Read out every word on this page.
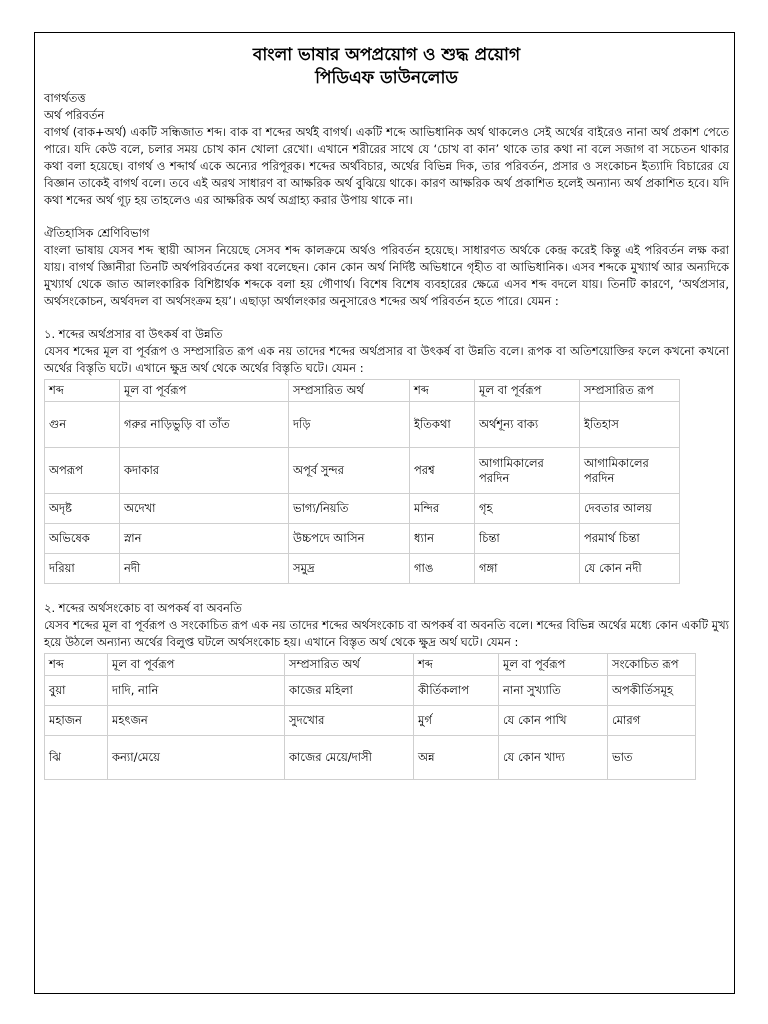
বাংলা ভাষার অপপ্রয়োগ ও শুদ্ধ প্রয়োগ

পিডিএফ ডাউনলোড

বাগর্থতত্ত

অর্থ পরিবর্তন

বাগর্থ (বাক+অর্থ) একটি সন্ধিজাত শব্দ। বাক বা শব্দের অর্থই বাগর্থ। একটি শব্দে আভিধানিক অর্থ থাকলেও সেই অর্থের বাইরেও নানা অর্থ প্রকাশ পেতে পারে। যদি কেউ বলে, চলার সময় চোখ কান খোলা রেখো। এখানে শরীরের সাথে যে ‘চোখ বা কান’ থাকে তার কথা না বলে সজাগ বা সচেতন থাকার কথা বলা হয়েছে। বাগর্থ ও শব্দার্থ একে অন্যের পরিপূরক। শব্দের অর্থবিচার, অর্থের বিভিন্ন দিক, তার পরিবর্তন, প্রসার ও সংকোচন ইত্যাদি বিচারের যে বিজ্ঞান তাকেই বাগর্থ বলে। তবে এই অরথ সাধারণ বা আক্ষরিক অর্থ বুঝিয়ে থাকে। কারণ আক্ষরিক অর্থ প্রকাশিত হলেই অন্যান্য অর্থ প্রকাশিত হবে। যদি কথা শব্দের অর্থ গূঢ় হয় তাহলেও এর আক্ষরিক অর্থ অগ্রাহ্য করার উপায় থাকে না।

ঐতিহাসিক শ্রেণিবিভাগ

বাংলা ভাষায় যেসব শব্দ স্থায়ী আসন নিয়েছে সেসব শব্দ কালক্রমে অর্থও পরিবর্তন হয়েছে। সাধারণত অর্থকে কেন্দ্র করেই কিন্তু এই পরিবর্তন লক্ষ করা যায়। বাগর্থ জ্ঞিানীরা তিনটি অর্থপরিবর্তনের কথা বলেছেন। কোন কোন অর্থ নির্দিষ্ট অভিধানে গৃহীত বা আভিধানিক। এসব শব্দকে মুখ্যার্থ আর অন্যদিকে মুখ্যার্থ থেকে জাত আলংকারিক বিশিষ্টার্থক শব্দকে বলা হয় গৌণার্থ। বিশেষ বিশেষ ব্যবহারের ক্ষেত্রে এসব শব্দ বদলে যায়। তিনটি কারণে, ‘অর্থপ্রসার, অর্থসংকোচন, অর্থবদল বা অর্থসংক্রম হয়’। এছাড়া অর্থালংকার অনুসারেও শব্দের অর্থ পরিবর্তন হতে পারে। যেমন :

১. শব্দের অর্থপ্রসার বা উৎকর্ষ বা উন্নতি

যেসব শব্দের মূল বা পূর্বরূপ ও সম্প্রসারিত রূপ এক নয় তাদের শব্দের অর্থপ্রসার বা উৎকর্ষ বা উন্নতি বলে। রূপক বা অতিশয়োক্তির ফলে কখনো কখনো অর্থের বিস্তৃতি ঘটে। এখানে ক্ষুদ্র অর্থ থেকে অর্থের বিস্তৃতি ঘটে। যেমন :

শব্দ	মূল বা পূর্বরূপ	সম্প্রসারিত অর্থ	শব্দ	মূল বা পূর্বরূপ	সম্প্রসারিত রূপ
গুন	গরুর নাড়িভুড়ি বা তাঁত	দড়ি	ইতিকথা	অর্থশূন্য বাক্য	ইতিহাস
অপরূপ	কদাকার	অপূর্ব সুন্দর	পরশ্ব	আগামিকালের পরদিন	আগামিকালের পরদিন
অদৃষ্ট	অদেখা	ভাগ্য/নিয়তি	মন্দির	গৃহ	দেবতার আলয়
অভিষেক	স্নান	উচ্চপদে আসিন	ধ্যান	চিন্তা	পরমার্থ চিন্তা
দরিয়া	নদী	সমুদ্র	গাঙ	গঙ্গা	যে কোন নদী

২. শব্দের অর্থসংকোচ বা অপকর্ষ বা অবনতি

যেসব শব্দের মূল বা পূর্বরূপ ও সংকোচিত রূপ এক নয় তাদের শব্দের অর্থসংকোচ বা অপকর্ষ বা অবনতি বলে। শব্দের বিভিন্ন অর্থের মধ্যে কোন একটি মুখ্য হয়ে উঠলে অন্যান্য অর্থের বিলুপ্ত ঘটলে অর্থসংকোচ হয়। এখানে বিস্তৃত অর্থ থেকে ক্ষুদ্র অর্থ ঘটে। যেমন :

শব্দ	মূল বা পূর্বরূপ	সম্প্রসারিত অর্থ	শব্দ	মূল বা পূর্বরূপ	সংকোচিত রূপ
বুয়া	দাদি, নানি	কাজের মহিলা	কীর্তিকলাপ	নানা সুখ্যাতি	অপকীর্তিসমূহ
মহাজন	মহৎজন	সুদখোর	মুর্গ	যে কোন পাখি	মোরগ
ঝি	কন্যা/মেয়ে	কাজের মেয়ে/দাসী	অন্ন	যে কোন খাদ্য	ভাত
